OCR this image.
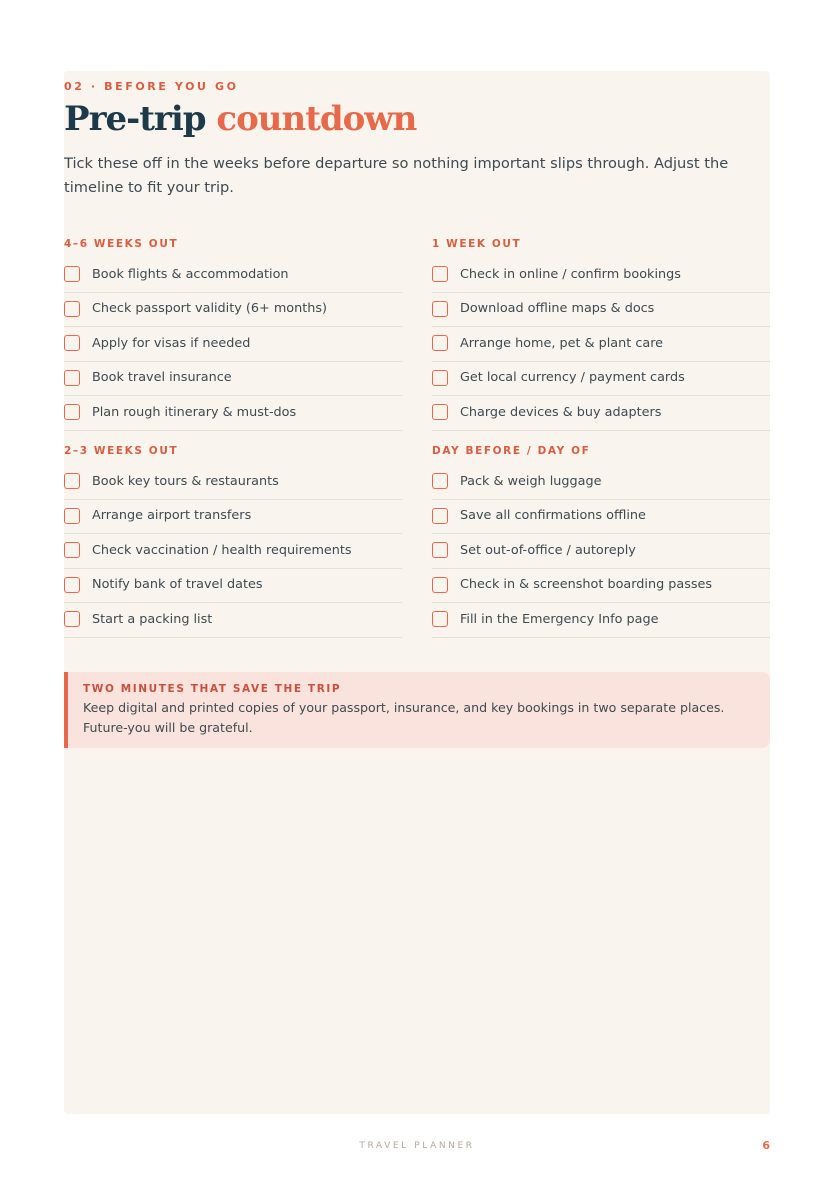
02 · BEFORE YOU GO
Pre-trip countdown

Tick these off in the weeks before departure so nothing important slips through. Adjust the timeline to fit your trip.

4–6 WEEKS OUT
Book flights & accommodation
Check passport validity (6+ months)
Apply for visas if needed
Book travel insurance
Plan rough itinerary & must-dos
1 WEEK OUT
Check in online / confirm bookings
Download offline maps & docs
Arrange home, pet & plant care
Get local currency / payment cards
Charge devices & buy adapters
2–3 WEEKS OUT
Book key tours & restaurants
Arrange airport transfers
Check vaccination / health requirements
Notify bank of travel dates
Start a packing list
DAY BEFORE / DAY OF
Pack & weigh luggage
Save all confirmations offline
Set out-of-office / autoreply
Check in & screenshot boarding passes
Fill in the Emergency Info page
TWO MINUTES THAT SAVE THE TRIP
Keep digital and printed copies of your passport, insurance, and key bookings in two separate places. Future-you will be grateful.
TRAVEL PLANNER	6
